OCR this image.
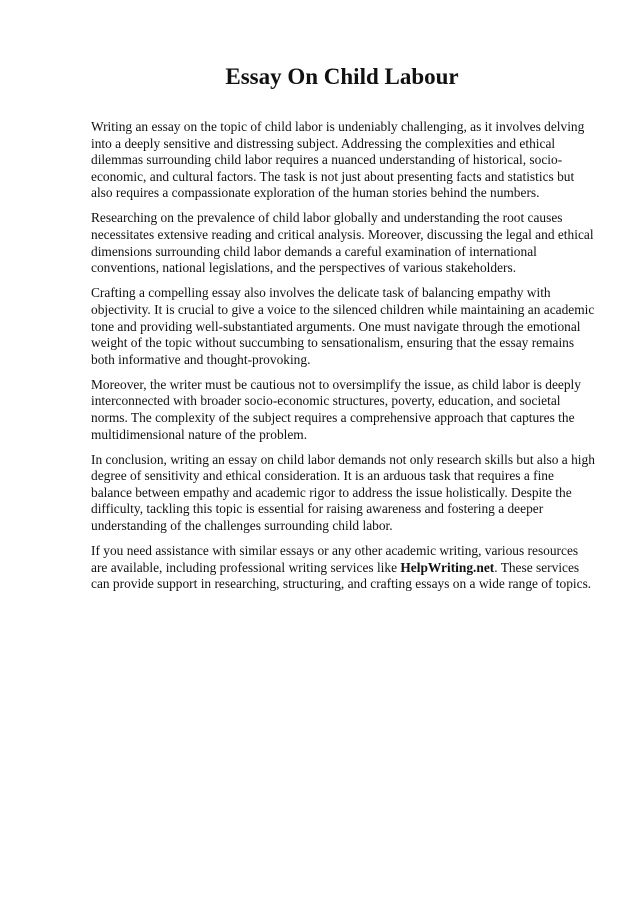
Essay On Child Labour

Writing an essay on the topic of child labor is undeniably challenging, as it involves delving into a deeply sensitive and distressing subject. Addressing the complexities and ethical dilemmas surrounding child labor requires a nuanced understanding of historical, socio-economic, and cultural factors. The task is not just about presenting facts and statistics but also requires a compassionate exploration of the human stories behind the numbers.

Researching on the prevalence of child labor globally and understanding the root causes necessitates extensive reading and critical analysis. Moreover, discussing the legal and ethical dimensions surrounding child labor demands a careful examination of international conventions, national legislations, and the perspectives of various stakeholders.

Crafting a compelling essay also involves the delicate task of balancing empathy with objectivity. It is crucial to give a voice to the silenced children while maintaining an academic tone and providing well-substantiated arguments. One must navigate through the emotional weight of the topic without succumbing to sensationalism, ensuring that the essay remains both informative and thought-provoking.

Moreover, the writer must be cautious not to oversimplify the issue, as child labor is deeply interconnected with broader socio-economic structures, poverty, education, and societal norms. The complexity of the subject requires a comprehensive approach that captures the multidimensional nature of the problem.

In conclusion, writing an essay on child labor demands not only research skills but also a high degree of sensitivity and ethical consideration. It is an arduous task that requires a fine balance between empathy and academic rigor to address the issue holistically. Despite the difficulty, tackling this topic is essential for raising awareness and fostering a deeper understanding of the challenges surrounding child labor.

If you need assistance with similar essays or any other academic writing, various resources are available, including professional writing services like HelpWriting.net. These services can provide support in researching, structuring, and crafting essays on a wide range of topics.
